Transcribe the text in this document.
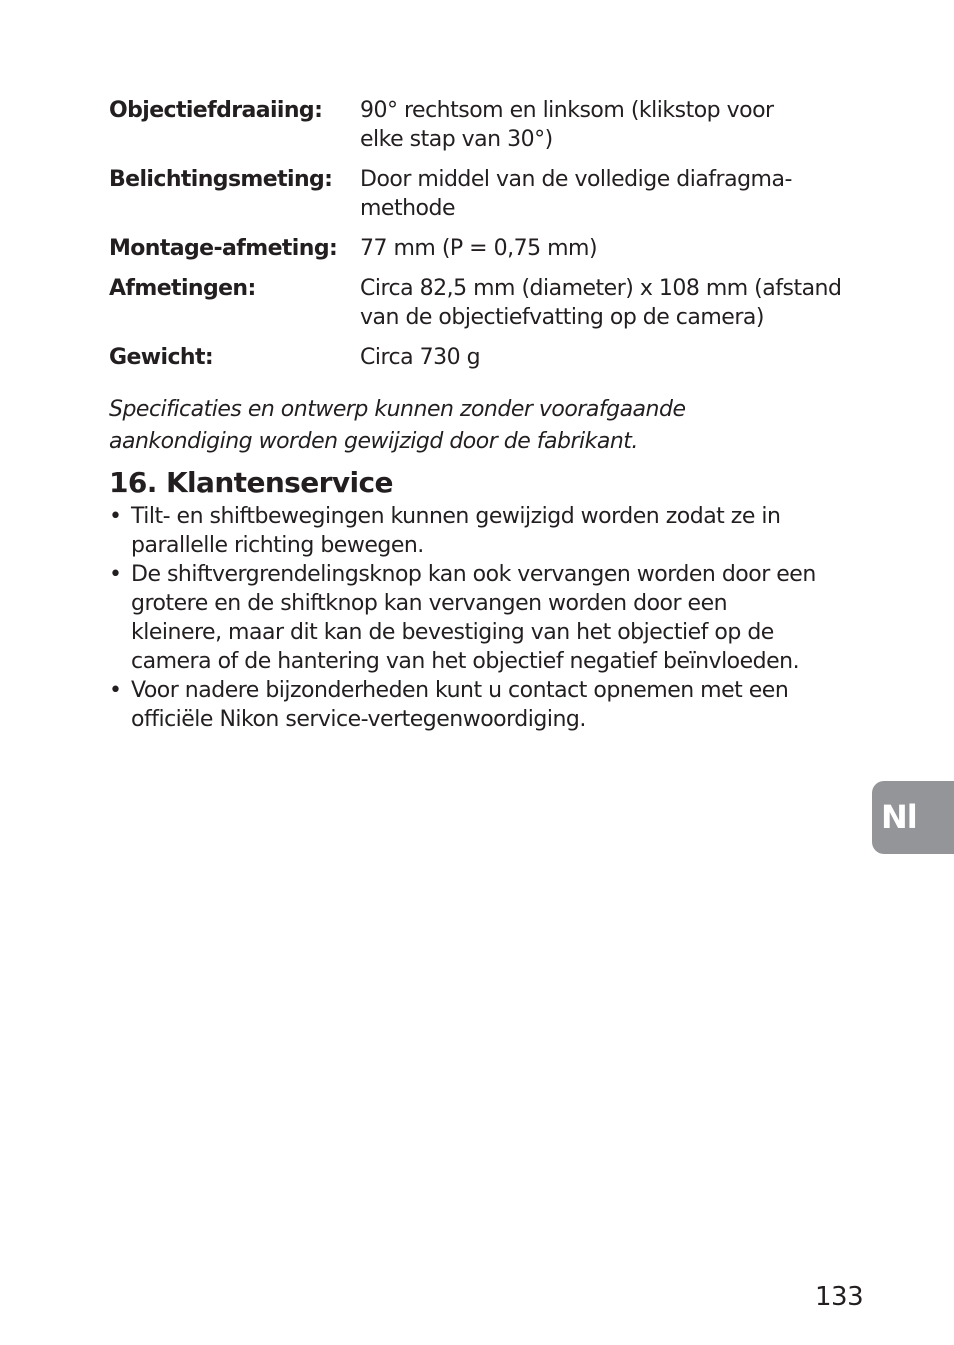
Objectiefdraaiing:	90° rechtsom en linksom (klikstop voor
elke stap van 30°)
Belichtingsmeting:	Door middel van de volledige diafragma-
methode
Montage-afmeting:	77 mm (P = 0,75 mm)
Afmetingen:	Circa 82,5 mm (diameter) x 108 mm (afstand
van de objectiefvatting op de camera)
Gewicht:	Circa 730 g
Specificaties en ontwerp kunnen zonder voorafgaande
aankondiging worden gewijzigd door de fabrikant.
16. Klantenservice
• Tilt- en shiftbewegingen kunnen gewijzigd worden zodat ze in
parallelle richting bewegen.
• De shiftvergrendelingsknop kan ook vervangen worden door een
grotere en de shiftknop kan vervangen worden door een
kleinere, maar dit kan de bevestiging van het objectief op de
camera of de hantering van het objectief negatief beïnvloeden.
• Voor nadere bijzonderheden kunt u contact opnemen met een
officiële Nikon service-vertegenwoordiging.
Nl
133
